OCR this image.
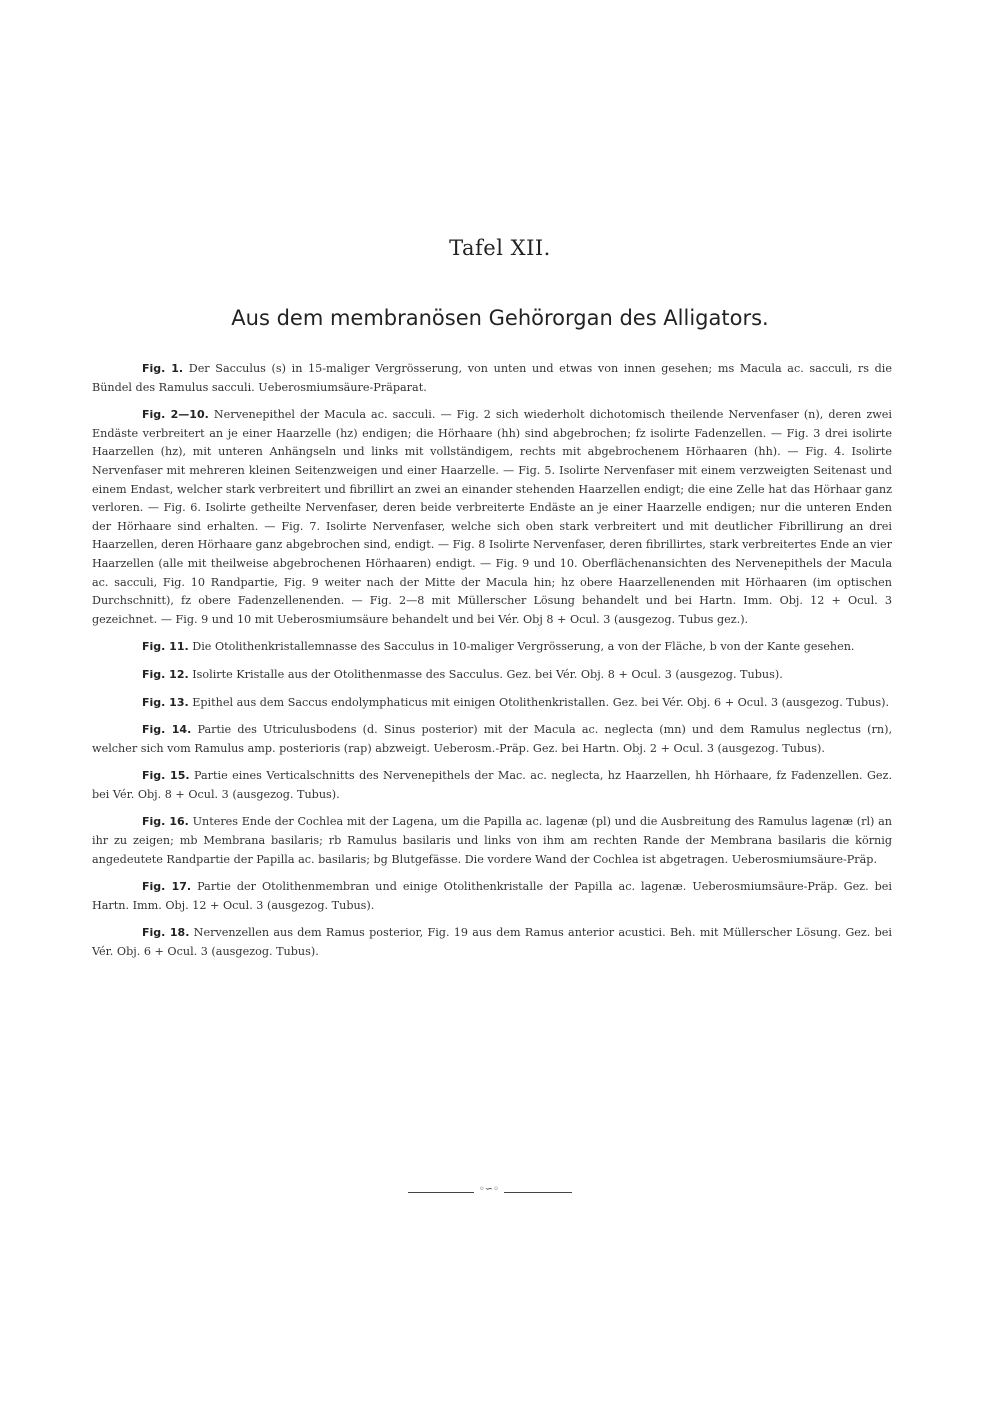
Tafel XII.
Aus dem membranösen Gehörorgan des Alligators.

Fig. 1. Der Sacculus (s) in 15-maliger Vergrösserung, von unten und etwas von innen gesehen; ms Macula ac. sacculi, rs die Bündel des Ramulus sacculi. Ueberosmiumsäure-Präparat.

Fig. 2—10. Nervenepithel der Macula ac. sacculi. — Fig. 2 sich wiederholt dichotomisch theilende Nervenfaser (n), deren zwei Endäste verbreitert an je einer Haarzelle (hz) endigen; die Hörhaare (hh) sind abgebrochen; fz isolirte Fadenzellen. — Fig. 3 drei isolirte Haarzellen (hz), mit unteren Anhängseln und links mit vollständigem, rechts mit abgebrochenem Hörhaaren (hh). — Fig. 4. Isolirte Nervenfaser mit mehreren kleinen Seitenzweigen und einer Haarzelle. — Fig. 5. Isolirte Nervenfaser mit einem verzweigten Seitenast und einem Endast, welcher stark verbreitert und fibrillirt an zwei an einander stehenden Haarzellen endigt; die eine Zelle hat das Hörhaar ganz verloren. — Fig. 6. Isolirte getheilte Nervenfaser, deren beide verbreiterte Endäste an je einer Haarzelle endigen; nur die unteren Enden der Hörhaare sind erhalten. — Fig. 7. Isolirte Nervenfaser, welche sich oben stark verbreitert und mit deutlicher Fibrillirung an drei Haarzellen, deren Hörhaare ganz abgebrochen sind, endigt. — Fig. 8 Isolirte Nervenfaser, deren fibrillirtes, stark verbreitertes Ende an vier Haarzellen (alle mit theilweise abgebrochenen Hörhaaren) endigt. — Fig. 9 und 10. Oberflächenansichten des Nervenepithels der Macula ac. sacculi, Fig. 10 Randpartie, Fig. 9 weiter nach der Mitte der Macula hin; hz obere Haarzellenenden mit Hörhaaren (im optischen Durchschnitt), fz obere Fadenzellenenden. — Fig. 2—8 mit Müllerscher Lösung behandelt und bei Hartn. Imm. Obj. 12 + Ocul. 3 gezeichnet. — Fig. 9 und 10 mit Ueberosmiumsäure behandelt und bei Vér. Obj 8 + Ocul. 3 (ausgezog. Tubus gez.).

Fig. 11. Die Otolithenkristallemnasse des Sacculus in 10-maliger Vergrösserung, a von der Fläche, b von der Kante gesehen.

Fig. 12. Isolirte Kristalle aus der Otolithenmasse des Sacculus. Gez. bei Vér. Obj. 8 + Ocul. 3 (ausgezog. Tubus).

Fig. 13. Epithel aus dem Saccus endolymphaticus mit einigen Otolithenkristallen. Gez. bei Vér. Obj. 6 + Ocul. 3 (ausgezog. Tubus).

Fig. 14. Partie des Utriculusbodens (d. Sinus posterior) mit der Macula ac. neglecta (mn) und dem Ramulus neglectus (rn), welcher sich vom Ramulus amp. posterioris (rap) abzweigt. Ueberosm.-Präp. Gez. bei Hartn. Obj. 2 + Ocul. 3 (ausgezog. Tubus).

Fig. 15. Partie eines Verticalschnitts des Nervenepithels der Mac. ac. neglecta, hz Haarzellen, hh Hörhaare, fz Fadenzellen. Gez. bei Vér. Obj. 8 + Ocul. 3 (ausgezog. Tubus).

Fig. 16. Unteres Ende der Cochlea mit der Lagena, um die Papilla ac. lagenæ (pl) und die Ausbreitung des Ramulus lagenæ (rl) an ihr zu zeigen; mb Membrana basilaris; rb Ramulus basilaris und links von ihm am rechten Rande der Membrana basilaris die körnig angedeutete Randpartie der Papilla ac. basilaris; bg Blutgefässe. Die vordere Wand der Cochlea ist abgetragen. Ueberosmiumsäure-Präp.

Fig. 17. Partie der Otolithenmembran und einige Otolithenkristalle der Papilla ac. lagenæ. Ueberosmiumsäure-Präp. Gez. bei Hartn. Imm. Obj. 12 + Ocul. 3 (ausgezog. Tubus).

Fig. 18. Nervenzellen aus dem Ramus posterior, Fig. 19 aus dem Ramus anterior acustici. Beh. mit Müllerscher Lösung. Gez. bei Vér. Obj. 6 + Ocul. 3 (ausgezog. Tubus).

◦∽◦
